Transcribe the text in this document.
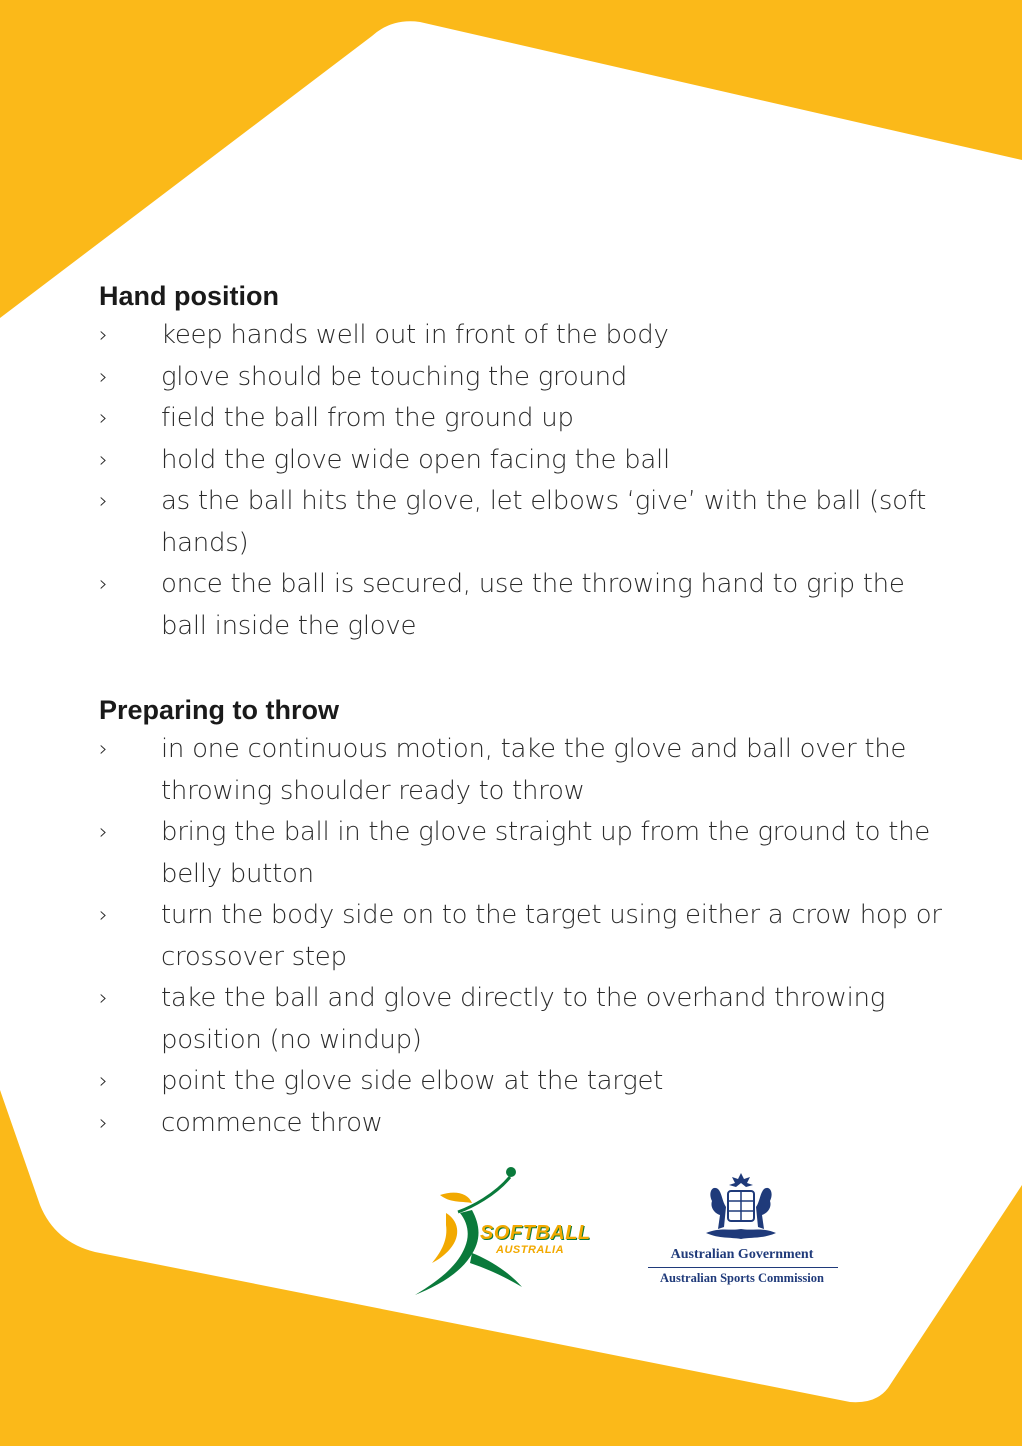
Hand position
›	keep hands well out in front of the body
›	glove should be touching the ground
›	field the ball from the ground up
›	hold the glove wide open facing the ball
›	as the ball hits the glove, let elbows ‘give’ with the ball (soft hands)
›	once the ball is secured, use the throwing hand to grip the ball inside the glove
Preparing to throw
›	in one continuous motion, take the glove and ball over the throwing shoulder ready to throw
›	bring the ball in the glove straight up from the ground to the belly button
›	turn the body side on to the target using either a crow hop or crossover step
›	take the ball and glove directly to the overhand throwing position (no windup)
›	point the glove side elbow at the target
›	commence throw
SOFTBALL
AUSTRALIA	Australian Government
Australian Sports Commission
